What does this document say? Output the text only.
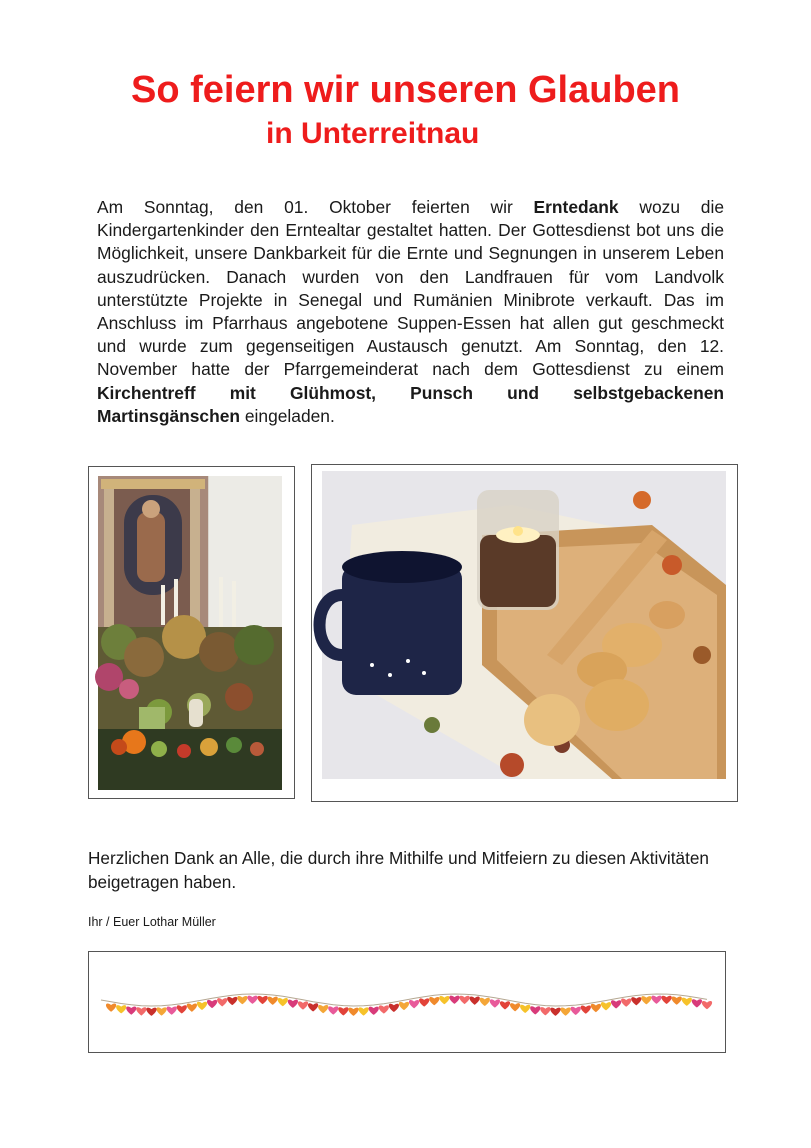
So feiern wir unseren Glauben
in Unterreitnau
Am Sonntag, den 01. Oktober feierten wir Erntedank wozu die Kindergartenkinder den Erntealtar gestaltet hatten. Der Gottesdienst bot uns die Möglichkeit, unsere Dankbarkeit für die Ernte und Segnungen in unserem Leben auszudrücken. Danach wurden von den Landfrauen für vom Landvolk unterstützte Projekte in Senegal und Rumänien Minibrote verkauft. Das im Anschluss im Pfarrhaus angebotene Suppen-Essen hat allen gut geschmeckt und wurde zum gegenseitigen Austausch genutzt. Am Sonntag, den 12. November hatte der Pfarrgemeinderat nach dem Gottesdienst zu einem Kirchentreff mit Glühmost, Punsch und selbstgebackenen Martinsgänschen eingeladen.
Herzlichen Dank an Alle, die durch ihre Mithilfe und Mitfeiern zu diesen Aktivitäten beigetragen haben.
Ihr / Euer Lothar Müller
